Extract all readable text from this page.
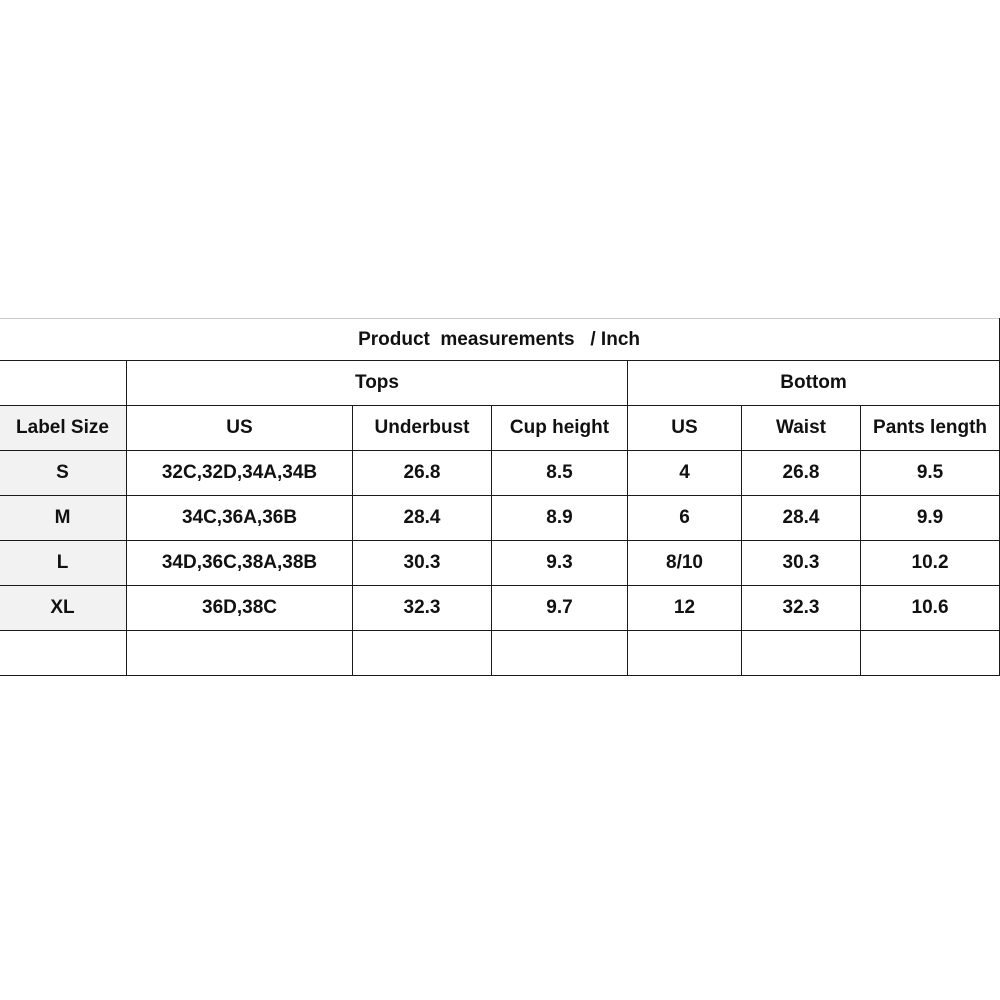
Product  measurements   / Inch						
	Tops			Bottom		
Label Size	US	Underbust	Cup height	US	Waist	Pants length
S	32C,32D,34A,34B	26.8	8.5	4	26.8	9.5
M	34C,36A,36B	28.4	8.9	6	28.4	9.9
L	34D,36C,38A,38B	30.3	9.3	8/10	30.3	10.2
XL	36D,38C	32.3	9.7	12	32.3	10.6
